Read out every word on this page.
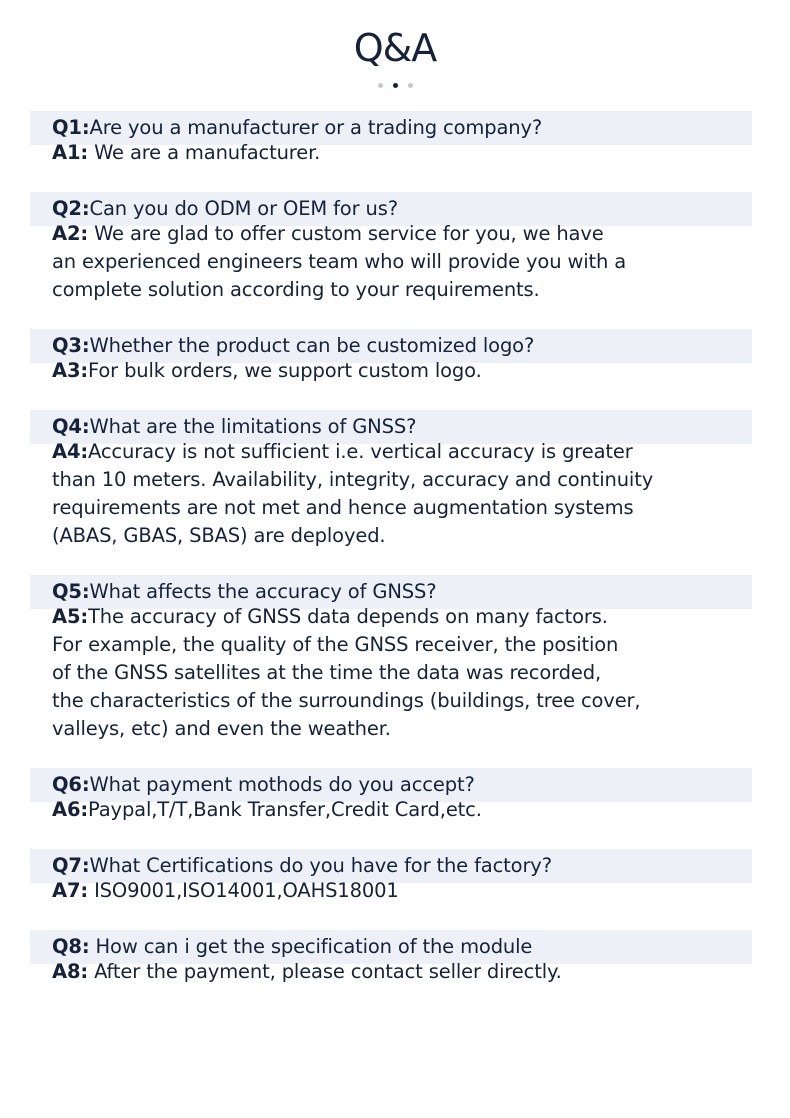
Q&A
Q1:Are you a manufacturer or a trading company?
A1: We are a manufacturer.
Q2:Can you do ODM or OEM for us?
A2: We are glad to offer custom service for you, we have
an experienced engineers team who will provide you with a
complete solution according to your requirements.
Q3:Whether the product can be customized logo?
A3:For bulk orders, we support custom logo.
Q4:What are the limitations of GNSS?
A4:Accuracy is not sufficient i.e. vertical accuracy is greater
than 10 meters. Availability, integrity, accuracy and continuity
requirements are not met and hence augmentation systems
(ABAS, GBAS, SBAS) are deployed.
Q5:What affects the accuracy of GNSS?
A5:The accuracy of GNSS data depends on many factors.
For example, the quality of the GNSS receiver, the position
of the GNSS satellites at the time the data was recorded,
the characteristics of the surroundings (buildings, tree cover,
valleys, etc) and even the weather.
Q6:What payment mothods do you accept?
A6:Paypal,T/T,Bank Transfer,Credit Card,etc.
Q7:What Certifications do you have for the factory?
A7: ISO9001,ISO14001,OAHS18001
Q8: How can i get the specification of the module
A8: After the payment, please contact seller directly.
